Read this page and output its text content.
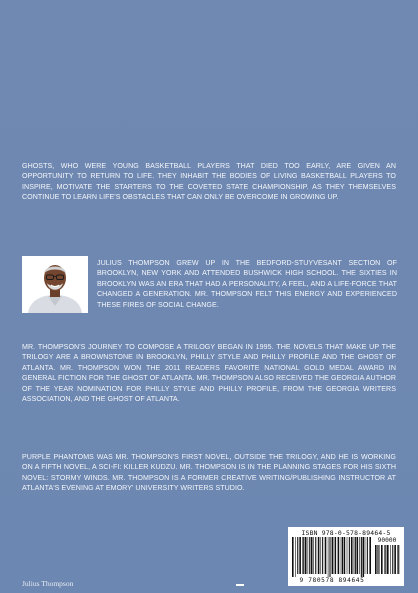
GHOSTS, WHO WERE YOUNG BASKETBALL PLAYERS THAT DIED TOO EARLY, ARE GIVEN AN OPPORTUNITY TO RETURN TO LIFE. THEY INHABIT THE BODIES OF LIVING BASKETBALL PLAYERS TO INSPIRE, MOTIVATE THE STARTERS TO THE COVETED STATE CHAMPIONSHIP. AS THEY THEMSELVES CONTINUE TO LEARN LIFE'S OBSTACLES THAT CAN ONLY BE OVERCOME IN GROWING UP.

JULIUS THOMPSON GREW UP IN THE BEDFORD-STUYVESANT SECTION OF BROOKLYN, NEW YORK AND ATTENDED BUSHWICK HIGH SCHOOL. THE SIXTIES IN BROOKLYN WAS AN ERA THAT HAD A PERSONALITY, A FEEL, AND A LIFE-FORCE THAT CHANGED A GENERATION. MR. THOMPSON FELT THIS ENERGY AND EXPERIENCED THESE FIRES OF SOCIAL CHANGE.

MR. THOMPSON'S JOURNEY TO COMPOSE A TRILOGY BEGAN IN 1995. THE NOVELS THAT MAKE UP THE TRILOGY ARE A BROWNSTONE IN BROOKLYN, PHILLY STYLE AND PHILLY PROFILE AND THE GHOST OF ATLANTA. MR. THOMPSON WON THE 2011 READERS FAVORITE NATIONAL GOLD MEDAL AWARD IN GENERAL FICTION FOR THE GHOST OF ATLANTA. MR. THOMPSON ALSO RECEIVED THE GEORGIA AUTHOR OF THE YEAR NOMINATION FOR PHILLY STYLE AND PHILLY PROFILE, FROM THE GEORGIA WRITERS ASSOCIATION, AND THE GHOST OF ATLANTA.

PURPLE PHANTOMS WAS MR. THOMPSON'S FIRST NOVEL, OUTSIDE THE TRILOGY, AND HE IS WORKING ON A FIFTH NOVEL, A SCI-FI: KILLER KUDZU. MR. THOMPSON IS IN THE PLANNING STAGES FOR HIS SIXTH NOVEL: STORMY WINDS. MR. THOMPSON IS A FORMER CREATIVE WRITING/PUBLISHING INSTRUCTOR AT ATLANTA'S EVENING AT EMORY' UNIVERSITY WRITERS STUDIO.

Julius Thompson
ISBN 978-0-578-89464-5
90000
9 780578 894645
